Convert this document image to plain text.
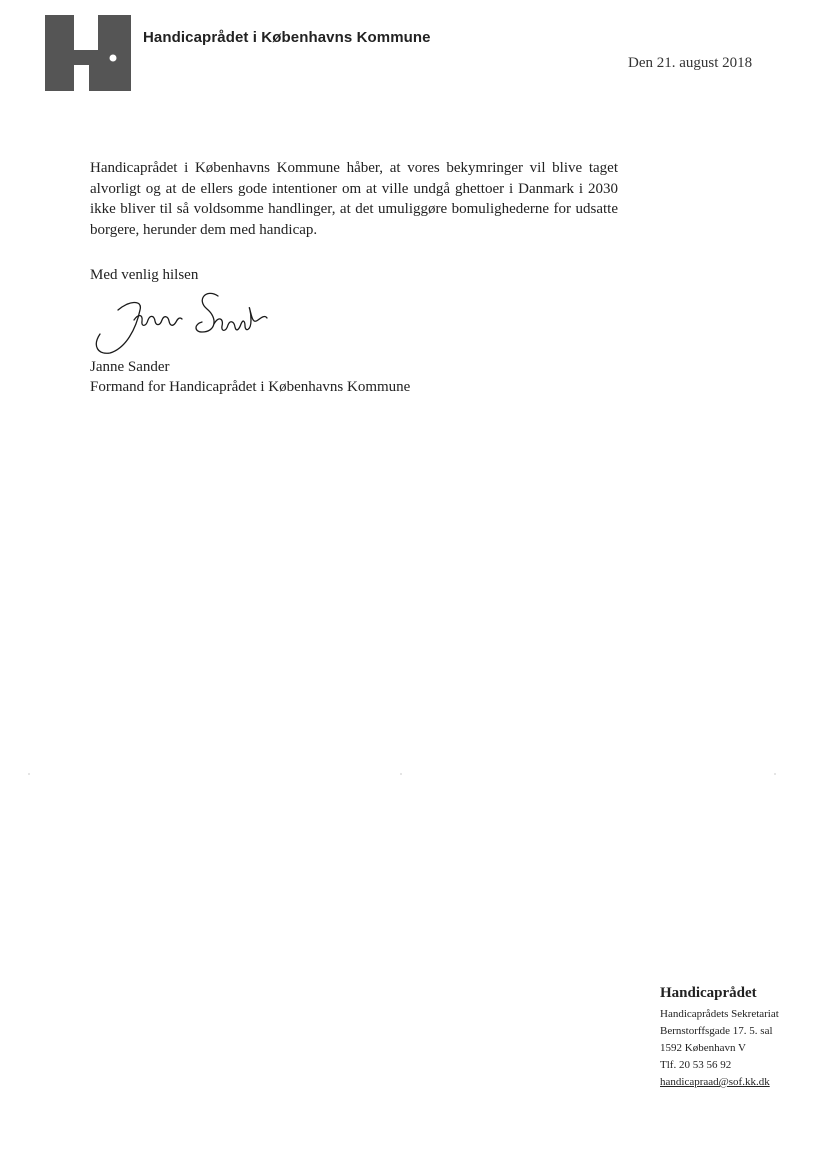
Handicaprådet i Københavns Kommune
Den 21. august 2018
Handicaprådet i Københavns Kommune håber, at vores bekymringer vil blive taget alvorligt og at de ellers gode intentioner om at ville undgå ghettoer i Danmark i 2030 ikke bliver til så voldsomme handlinger, at det umuliggøre bomulighederne for udsatte borgere, herunder dem med handicap.
Med venlig hilsen
Janne Sander
Formand for Handicaprådet i Københavns Kommune
Handicaprådet
Handicaprådets Sekretariat
Bernstorffsgade 17. 5. sal
1592 København V
Tlf. 20 53 56 92
handicapraad@sof.kk.dk
